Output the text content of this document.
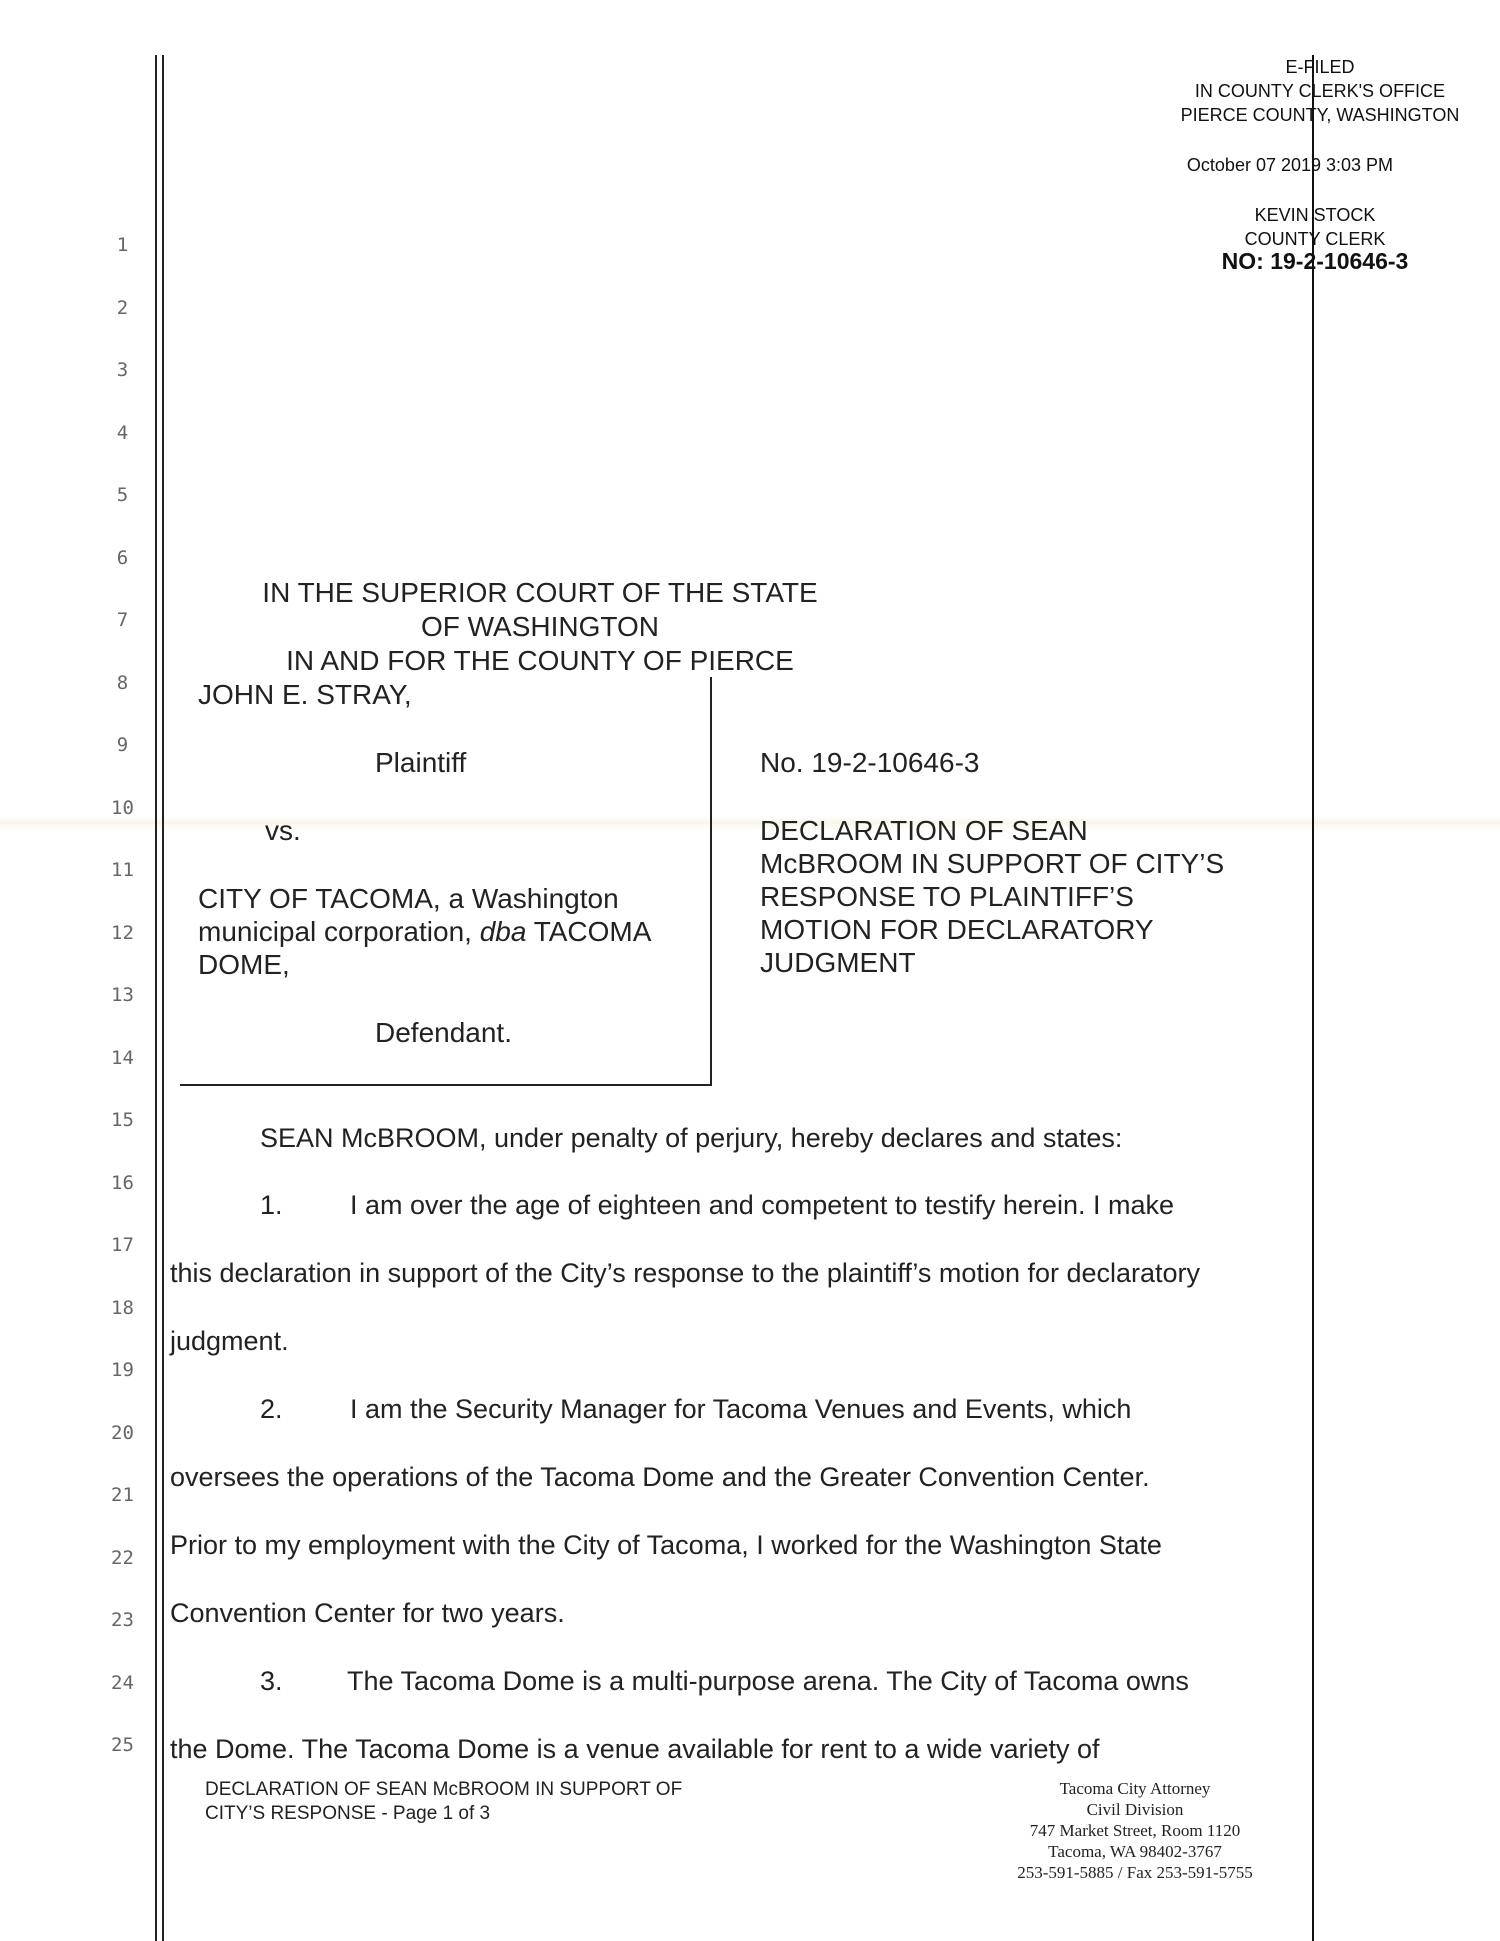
E-FILED
IN COUNTY CLERK'S OFFICE
PIERCE COUNTY, WASHINGTON
October 07 2019 3:03 PM
KEVIN STOCK
COUNTY CLERK
NO: 19-2-10646-3
1
2
3
4
5
6
7
8
9
10
11
12
13
14
15
16
17
18
19
20
21
22
23
24
25
IN THE SUPERIOR COURT OF THE STATE OF WASHINGTON
IN AND FOR THE COUNTY OF PIERCE
JOHN E. STRAY,
Plaintiff
vs.
CITY OF TACOMA, a Washington
municipal corporation, dba TACOMA
DOME,
Defendant.
No. 19-2-10646-3
DECLARATION OF SEAN
McBROOM IN SUPPORT OF CITY’S
RESPONSE TO PLAINTIFF’S
MOTION FOR DECLARATORY
JUDGMENT
SEAN McBROOM, under penalty of perjury, hereby declares and states:
1. I am over the age of eighteen and competent to testify herein. I make
this declaration in support of the City’s response to the plaintiff’s motion for declaratory
judgment.
2. I am the Security Manager for Tacoma Venues and Events, which
oversees the operations of the Tacoma Dome and the Greater Convention Center.
Prior to my employment with the City of Tacoma, I worked for the Washington State
Convention Center for two years.
3. The Tacoma Dome is a multi-purpose arena. The City of Tacoma owns
the Dome. The Tacoma Dome is a venue available for rent to a wide variety of
DECLARATION OF SEAN McBROOM IN SUPPORT OF
CITY’S RESPONSE - Page 1 of 3
Tacoma City Attorney
Civil Division
747 Market Street, Room 1120
Tacoma, WA 98402-3767
253-591-5885 / Fax 253-591-5755
